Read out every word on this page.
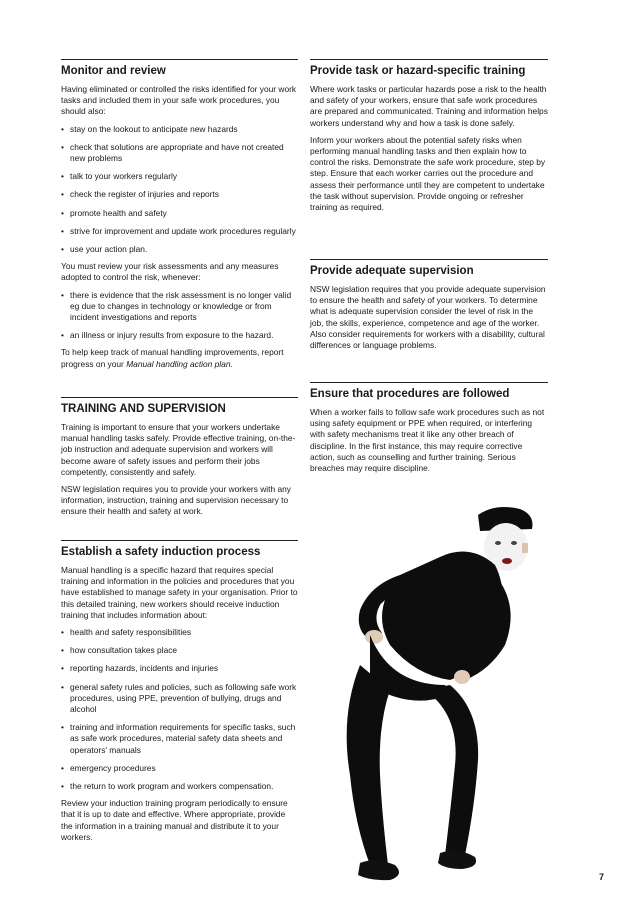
Monitor and review

Having eliminated or controlled the risks identified for your work tasks and included them in your safe work procedures, you should also:

• stay on the lookout to anticipate new hazards
• check that solutions are appropriate and have not created new problems
• talk to your workers regularly
• check the register of injuries and reports
• promote health and safety
• strive for improvement and update work procedures regularly
• use your action plan.

You must review your risk assessments and any measures adopted to control the risk, whenever:

• there is evidence that the risk assessment is no longer valid eg due to changes in technology or knowledge or from incident investigations and reports
• an illness or injury results from exposure to the hazard.

To help keep track of manual handling improvements, report progress on your Manual handling action plan.

TRAINING AND SUPERVISION

Training is important to ensure that your workers undertake manual handling tasks safely. Provide effective training, on-the-job instruction and adequate supervision and workers will become aware of safety issues and perform their jobs competently, consistently and safely.

NSW legislation requires you to provide your workers with any information, instruction, training and supervision necessary to ensure their health and safety at work.

Establish a safety induction process

Manual handling is a specific hazard that requires special training and information in the policies and procedures that you have established to manage safety in your organisation. Prior to this detailed training, new workers should receive induction training that includes information about:

• health and safety responsibilities
• how consultation takes place
• reporting hazards, incidents and injuries
• general safety rules and policies, such as following safe work procedures, using PPE, prevention of bullying, drugs and alcohol
• training and information requirements for specific tasks, such as safe work procedures, material safety data sheets and operators' manuals
• emergency procedures
• the return to work program and workers compensation.

Review your induction training program periodically to ensure that it is up to date and effective. Where appropriate, provide the information in a training manual and distribute it to your workers.

Provide task or hazard-specific training

Where work tasks or particular hazards pose a risk to the health and safety of your workers, ensure that safe work procedures are prepared and communicated. Training and information helps workers understand why and how a task is done safely.

Inform your workers about the potential safety risks when performing manual handling tasks and then explain how to control the risks. Demonstrate the safe work procedure, step by step. Ensure that each worker carries out the procedure and assess their performance until they are competent to undertake the task without supervision. Provide ongoing or refresher training as required.

Provide adequate supervision

NSW legislation requires that you provide adequate supervision to ensure the health and safety of your workers. To determine what is adequate supervision consider the level of risk in the job, the skills, experience, competence and age of the worker. Also consider requirements for workers with a disability, cultural differences or language problems.

Ensure that procedures are followed

When a worker fails to follow safe work procedures such as not using safety equipment or PPE when required, or interfering with safety mechanisms treat it like any other breach of discipline. In the first instance, this may require corrective action, such as counselling and further training. Serious breaches may require discipline.

7
